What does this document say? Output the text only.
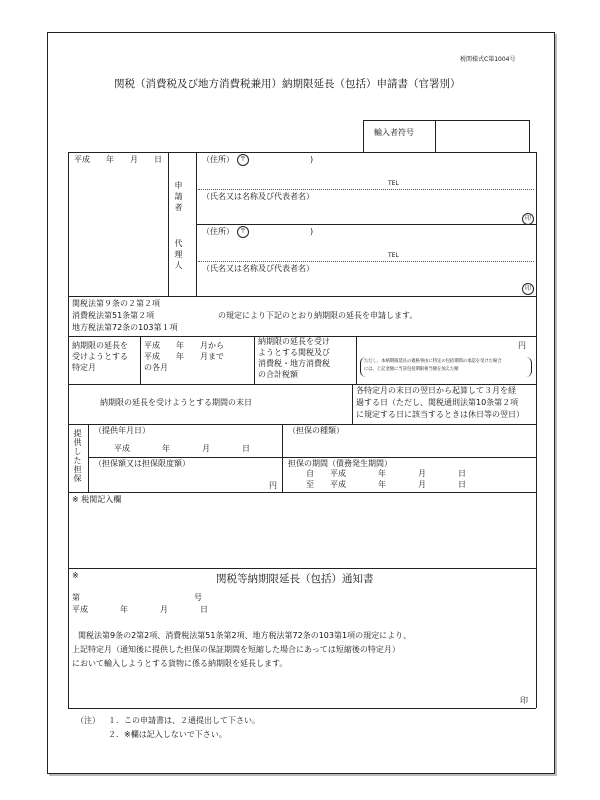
税関様式C第1004号
関税（消費税及び地方消費税兼用）納期限延長（包括）申請書（官署別）
輸入者符号
平成　　年　　月　　日
申請者
（住所） 〒	)
TEL
（氏名又は名称及び代表者名）
印
代理人
（住所） 〒	)
TEL
（氏名又は名称及び代表者名）
印
関税法第９条の２第２項
消費税法第51条第２項
地方税法第72条の103第１項
の規定により下記のとおり納期限の延長を申請します。
納期限の延長を
受けようとする
特定月
平成　　年　　月から
平成　　年　　月まで
の各月
納期限の延長を受け
ようとする関税及び
消費税・地方消費税
の合計税額
円
ただし、本納期限延長の適格事由に特定の包括期間の承認を受けた場合
には、上記金額に当該包括期限相当額を加えた額
納期限の延長を受けようとする期間の末日
各特定月の末日の翌日から起算して３月を経
過する日（ただし、関税通則法第10条第２項
に規定する日に該当するときは休日等の翌日）
提供した担保 （提供年月日）
平成　　　　年　　　　月　　　　日
（担保の種類）
（担保額又は担保限度額）
円
担保の期間（債務発生期間）
自 平成　　　　年　　　　月　　　　日
至 平成　　　　年　　　　月　　　　日
※ 税関記入欄
※	関税等納期限延長（包括）通知書
第	号
平成　　　　年　　　　月　　　　日
関税法第9条の2第2項、消費税法第51条第2項、地方税法第72条の103第1項の規定により、
上記特定月（通知後に提供した担保の保証期間を短縮した場合にあっては短縮後の特定月）
において輸入しようとする貨物に係る納期限を延長します。
印
（注） １．この申請書は、２通提出して下さい。
２．※欄は記入しないで下さい。
